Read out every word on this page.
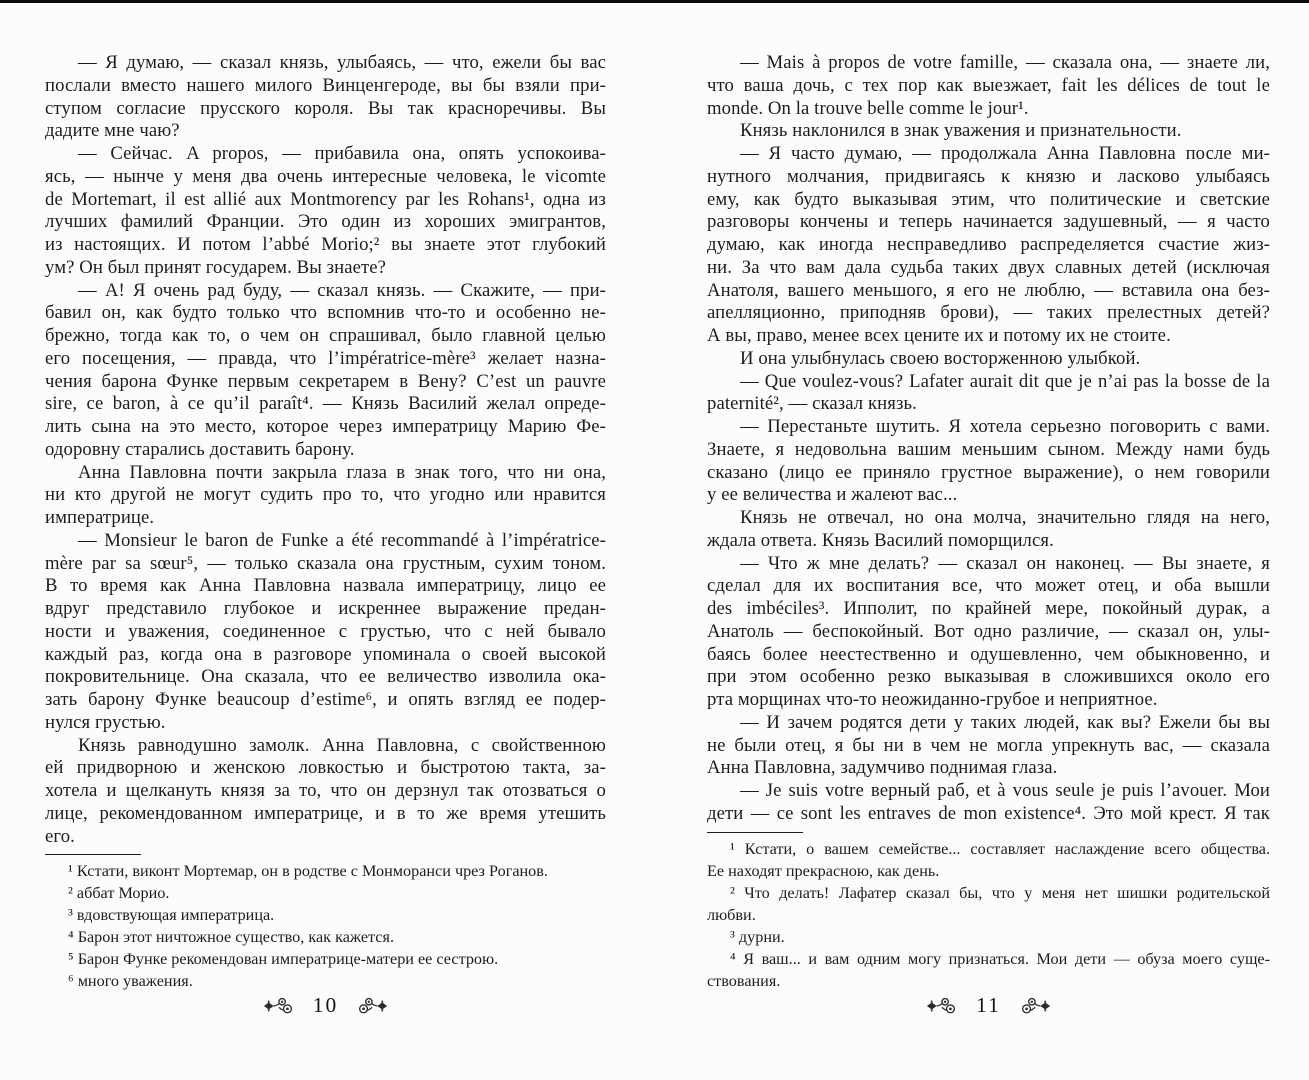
— Я думаю, — сказал князь, улыбаясь, — что, ежели бы вас
послали вместо нашего милого Винценгероде, вы бы взяли при-
ступом согласие прусского короля. Вы так красноречивы. Вы
дадите мне чаю?
— Сейчас. A propos, — прибавила она, опять успокоива-
ясь, — нынче у меня два очень интересные человека, le vicomte
de Mortemart, il est allié aux Montmorency par les Rohans¹, одна из
лучших фамилий Франции. Это один из хороших эмигрантов,
из настоящих. И потом l’abbé Morio;² вы знаете этот глубокий
ум? Он был принят государем. Вы знаете?
— А! Я очень рад буду, — сказал князь. — Скажите, — при-
бавил он, как будто только что вспомнив что-то и особенно не-
брежно, тогда как то, о чем он спрашивал, было главной целью
его посещения, — правда, что l’impératrice-mère³ желает назна-
чения барона Функе первым секретарем в Вену? C’est un pauvre
sire, ce baron, à ce qu’il paraît⁴. — Князь Василий желал опреде-
лить сына на это место, которое через императрицу Марию Фе-
одоровну старались доставить барону.
Анна Павловна почти закрыла глаза в знак того, что ни она,
ни кто другой не могут судить про то, что угодно или нравится
императрице.
— Monsieur le baron de Funke a été recommandé à l’impératrice-
mère par sa sœur⁵, — только сказала она грустным, сухим тоном.
В то время как Анна Павловна назвала императрицу, лицо ее
вдруг представило глубокое и искреннее выражение предан-
ности и уважения, соединенное с грустью, что с ней бывало
каждый раз, когда она в разговоре упоминала о своей высокой
покровительнице. Она сказала, что ее величество изволила ока-
зать барону Функе beaucoup d’estime⁶, и опять взгляд ее подер-
нулся грустью.
Князь равнодушно замолк. Анна Павловна, с свойственною
ей придворною и женскою ловкостью и быстротою такта, за-
хотела и щелкануть князя за то, что он дерзнул так отозваться о
лице, рекомендованном императрице, и в то же время утешить
его.
¹ Кстати, виконт Мортемар, он в родстве с Монморанси чрез Роганов.
² аббат Морио.
³ вдовствующая императрица.
⁴ Барон этот ничтожное существо, как кажется.
⁵ Барон Функе рекомендован императрице-матери ее сестрою.
⁶ много уважения.
10
— Mais à propos de votre famille, — сказала она, — знаете ли,
что ваша дочь, с тех пор как выезжает, fait les délices de tout le
monde. On la trouve belle comme le jour¹.
Князь наклонился в знак уважения и признательности.
— Я часто думаю, — продолжала Анна Павловна после ми-
нутного молчания, придвигаясь к князю и ласково улыбаясь
ему, как будто выказывая этим, что политические и светские
разговоры кончены и теперь начинается задушевный, — я часто
думаю, как иногда несправедливо распределяется счастие жиз-
ни. За что вам дала судьба таких двух славных детей (исключая
Анатоля, вашего меньшого, я его не люблю, — вставила она без-
апелляционно, приподняв брови), — таких прелестных детей?
А вы, право, менее всех цените их и потому их не стоите.
И она улыбнулась своею восторженною улыбкой.
— Que voulez-vous? Lafater aurait dit que je n’ai pas la bosse de la
paternité², — сказал князь.
— Перестаньте шутить. Я хотела серьезно поговорить с вами.
Знаете, я недовольна вашим меньшим сыном. Между нами будь
сказано (лицо ее приняло грустное выражение), о нем говорили
у ее величества и жалеют вас...
Князь не отвечал, но она молча, значительно глядя на него,
ждала ответа. Князь Василий поморщился.
— Что ж мне делать? — сказал он наконец. — Вы знаете, я
сделал для их воспитания все, что может отец, и оба вышли
des imbéciles³. Ипполит, по крайней мере, покойный дурак, а
Анатоль — беспокойный. Вот одно различие, — сказал он, улы-
баясь более неестественно и одушевленно, чем обыкновенно, и
при этом особенно резко выказывая в сложившихся около его
рта морщинах что-то неожиданно-грубое и неприятное.
— И зачем родятся дети у таких людей, как вы? Ежели бы вы
не были отец, я бы ни в чем не могла упрекнуть вас, — сказала
Анна Павловна, задумчиво поднимая глаза.
— Je suis votre верный раб, et à vous seule je puis l’avouer. Мои
дети — ce sont les entraves de mon existence⁴. Это мой крест. Я так
¹ Кстати, о вашем семействе... составляет наслаждение всего общества.
Ее находят прекрасною, как день.
² Что делать! Лафатер сказал бы, что у меня нет шишки родительской
любви.
³ дурни.
⁴ Я ваш... и вам одним могу признаться. Мои дети — обуза моего суще-
ствования.
11
